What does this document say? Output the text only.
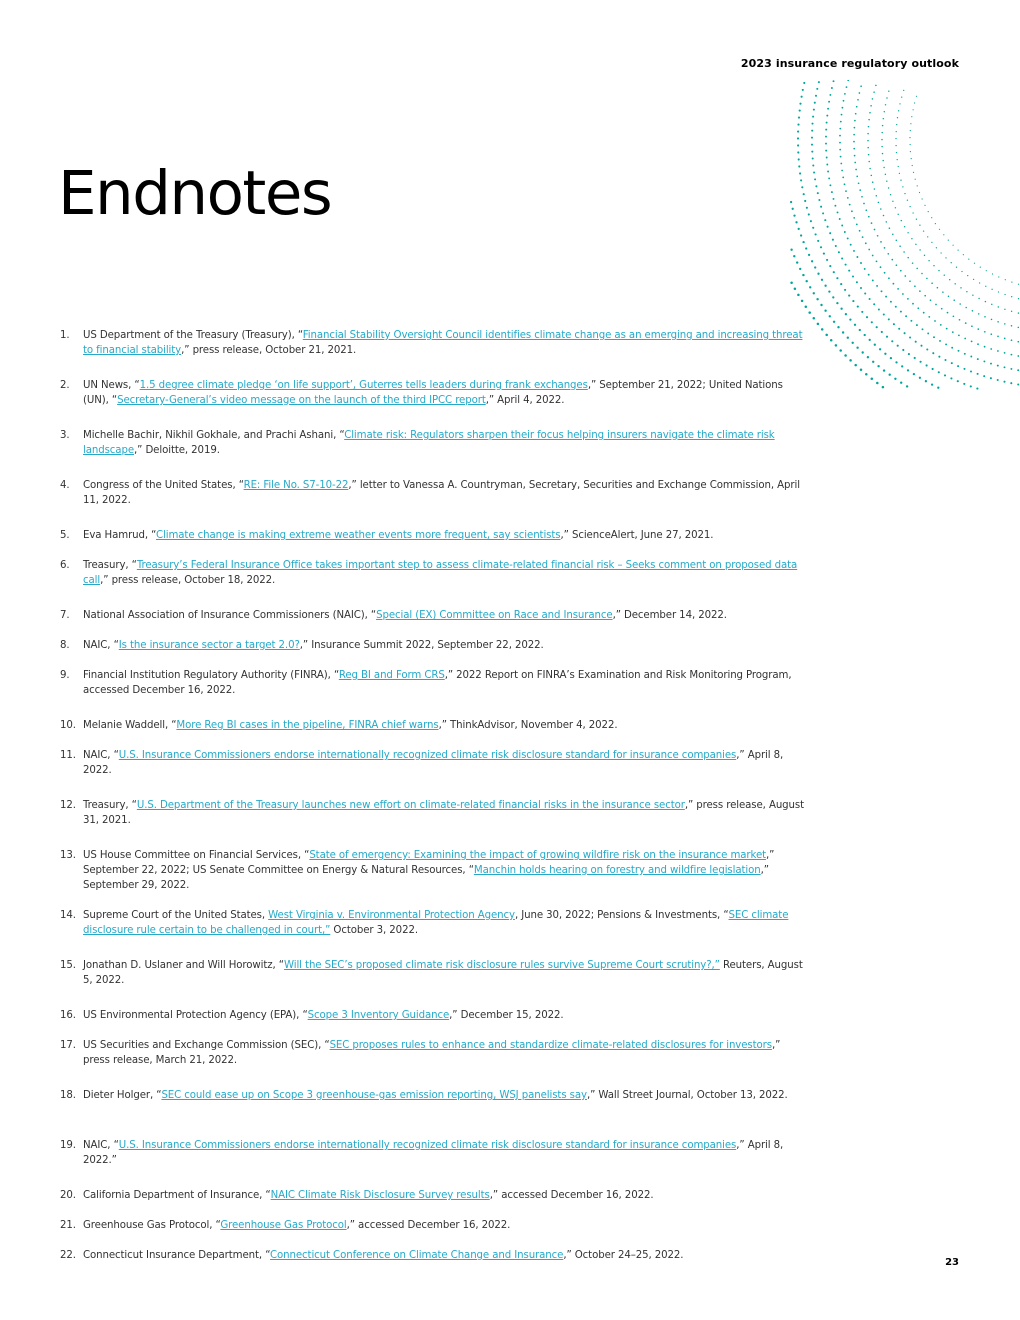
2023 insurance regulatory outlook
Endnotes
1.	US Department of the Treasury (Treasury), “Financial Stability Oversight Council identifies climate change as an emerging and increasing threat to financial stability,” press release, October 21, 2021.
2.	UN News, “1.5 degree climate pledge ‘on life support’, Guterres tells leaders during frank exchanges,” September 21, 2022; United Nations (UN), “Secretary-General’s video message on the launch of the third IPCC report,” April 4, 2022.
3.	Michelle Bachir, Nikhil Gokhale, and Prachi Ashani, “Climate risk: Regulators sharpen their focus helping insurers navigate the climate risk landscape,” Deloitte, 2019.
4.	Congress of the United States, “RE: File No. S7-10-22,” letter to Vanessa A. Countryman, Secretary, Securities and Exchange Commission, April 11, 2022.
5.	Eva Hamrud, “Climate change is making extreme weather events more frequent, say scientists,” ScienceAlert, June 27, 2021.
6.	Treasury, “Treasury’s Federal Insurance Office takes important step to assess climate-related financial risk – Seeks comment on proposed data call,” press release, October 18, 2022.
7.	National Association of Insurance Commissioners (NAIC), “Special (EX) Committee on Race and Insurance,” December 14, 2022.
8.	NAIC, “Is the insurance sector a target 2.0?,” Insurance Summit 2022, September 22, 2022.
9.	Financial Institution Regulatory Authority (FINRA), “Reg BI and Form CRS,” 2022 Report on FINRA’s Examination and Risk Monitoring Program, accessed December 16, 2022.
10. Melanie Waddell, “More Reg BI cases in the pipeline, FINRA chief warns,” ThinkAdvisor, November 4, 2022.
11. NAIC, “U.S. Insurance Commissioners endorse internationally recognized climate risk disclosure standard for insurance companies,” April 8, 2022.
12. Treasury, “U.S. Department of the Treasury launches new effort on climate-related financial risks in the insurance sector,” press release, August 31, 2021.
13. US House Committee on Financial Services, “State of emergency: Examining the impact of growing wildfire risk on the insurance market,” September 22, 2022; US Senate Committee on Energy & Natural Resources, “Manchin holds hearing on forestry and wildfire legislation,” September 29, 2022.
14. Supreme Court of the United States, West Virginia v. Environmental Protection Agency, June 30, 2022; Pensions & Investments, “SEC climate disclosure rule certain to be challenged in court,” October 3, 2022.
15. Jonathan D. Uslaner and Will Horowitz, “Will the SEC’s proposed climate risk disclosure rules survive Supreme Court scrutiny?,” Reuters, August 5, 2022.
16. US Environmental Protection Agency (EPA), “Scope 3 Inventory Guidance,” December 15, 2022.
17. US Securities and Exchange Commission (SEC), “SEC proposes rules to enhance and standardize climate-related disclosures for investors,” press release, March 21, 2022.
18. Dieter Holger, “SEC could ease up on Scope 3 greenhouse-gas emission reporting, WSJ panelists say,” Wall Street Journal, October 13, 2022.
19. NAIC, “U.S. Insurance Commissioners endorse internationally recognized climate risk disclosure standard for insurance companies,” April 8, 2022.”
20. California Department of Insurance, “NAIC Climate Risk Disclosure Survey results,” accessed December 16, 2022.
21. Greenhouse Gas Protocol, “Greenhouse Gas Protocol,” accessed December 16, 2022.
22. Connecticut Insurance Department, “Connecticut Conference on Climate Change and Insurance,” October 24–25, 2022.
23
